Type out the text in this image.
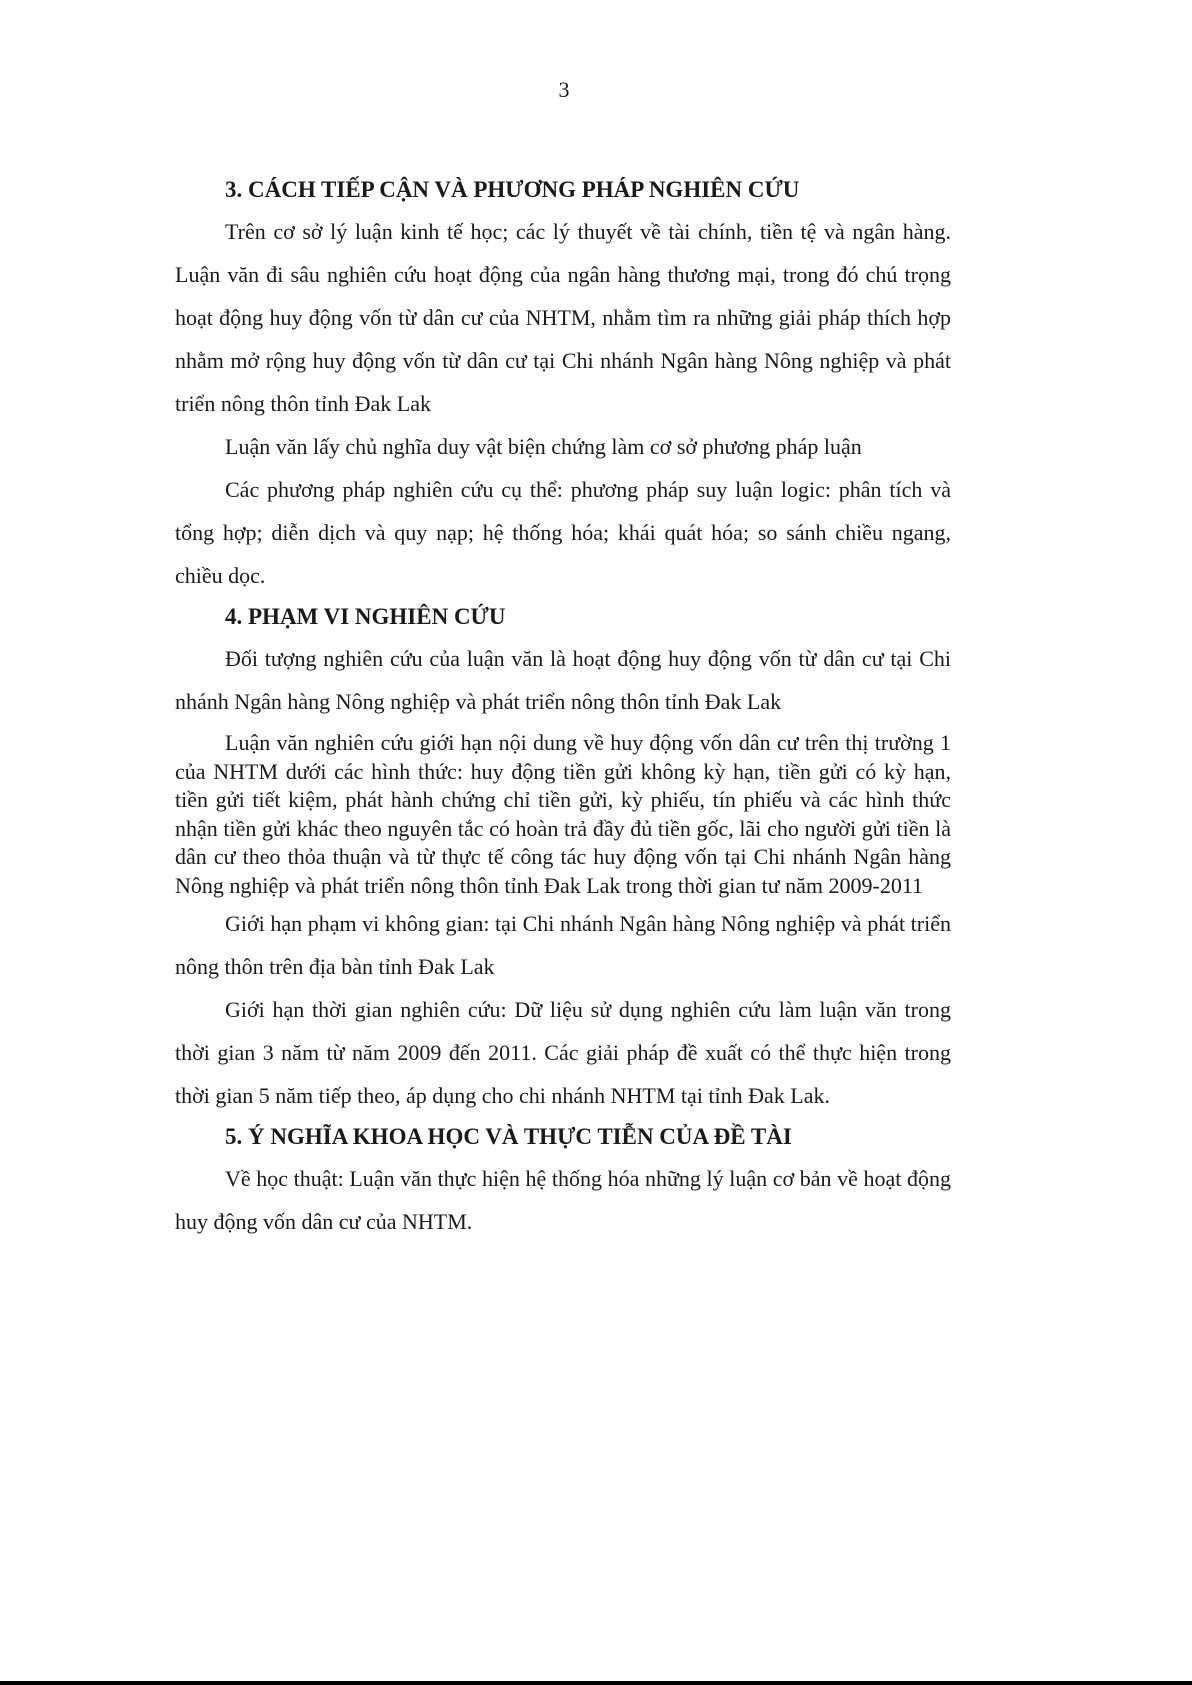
3
3. CÁCH TIẾP CẬN VÀ PHƯƠNG PHÁP NGHIÊN CỨU

Trên cơ sở lý luận kinh tế học; các lý thuyết về tài chính, tiền tệ và ngân hàng. Luận văn đi sâu nghiên cứu hoạt động của ngân hàng thương mại, trong đó chú trọng hoạt động huy động vốn từ dân cư của NHTM, nhằm tìm ra những giải pháp thích hợp nhằm mở rộng huy động vốn từ dân cư tại Chi nhánh Ngân hàng Nông nghiệp và phát triển nông thôn tỉnh Đak Lak

Luận văn lấy chủ nghĩa duy vật biện chứng làm cơ sở phương pháp luận

Các phương pháp nghiên cứu cụ thể: phương pháp suy luận logic: phân tích và tổng hợp; diễn dịch và quy nạp; hệ thống hóa; khái quát hóa; so sánh chiều ngang, chiều dọc.

4. PHẠM VI NGHIÊN CỨU

Đối tượng nghiên cứu của luận văn là hoạt động huy động vốn từ dân cư tại Chi nhánh Ngân hàng Nông nghiệp và phát triển nông thôn tỉnh Đak Lak

Luận văn nghiên cứu giới hạn nội dung về huy động vốn dân cư trên thị trường 1 của NHTM dưới các hình thức: huy động tiền gửi không kỳ hạn, tiền gửi có kỳ hạn, tiền gửi tiết kiệm, phát hành chứng chỉ tiền gửi, kỳ phiếu, tín phiếu và các hình thức nhận tiền gửi khác theo nguyên tắc có hoàn trả đầy đủ tiền gốc, lãi cho người gửi tiền là dân cư theo thỏa thuận và từ thực tế công tác huy động vốn tại Chi nhánh Ngân hàng Nông nghiệp và phát triển nông thôn tỉnh Đak Lak trong thời gian tư năm 2009-2011

Giới hạn phạm vi không gian: tại Chi nhánh Ngân hàng Nông nghiệp và phát triển nông thôn trên địa bàn tỉnh Đak Lak

Giới hạn thời gian nghiên cứu: Dữ liệu sử dụng nghiên cứu làm luận văn trong thời gian 3 năm từ năm 2009 đến 2011. Các giải pháp đề xuất có thể thực hiện trong thời gian 5 năm tiếp theo, áp dụng cho chi nhánh NHTM tại tỉnh Đak Lak.

5. Ý NGHĨA KHOA HỌC VÀ THỰC TIỄN CỦA ĐỀ TÀI

Về học thuật: Luận văn thực hiện hệ thống hóa những lý luận cơ bản về hoạt động huy động vốn dân cư của NHTM.
